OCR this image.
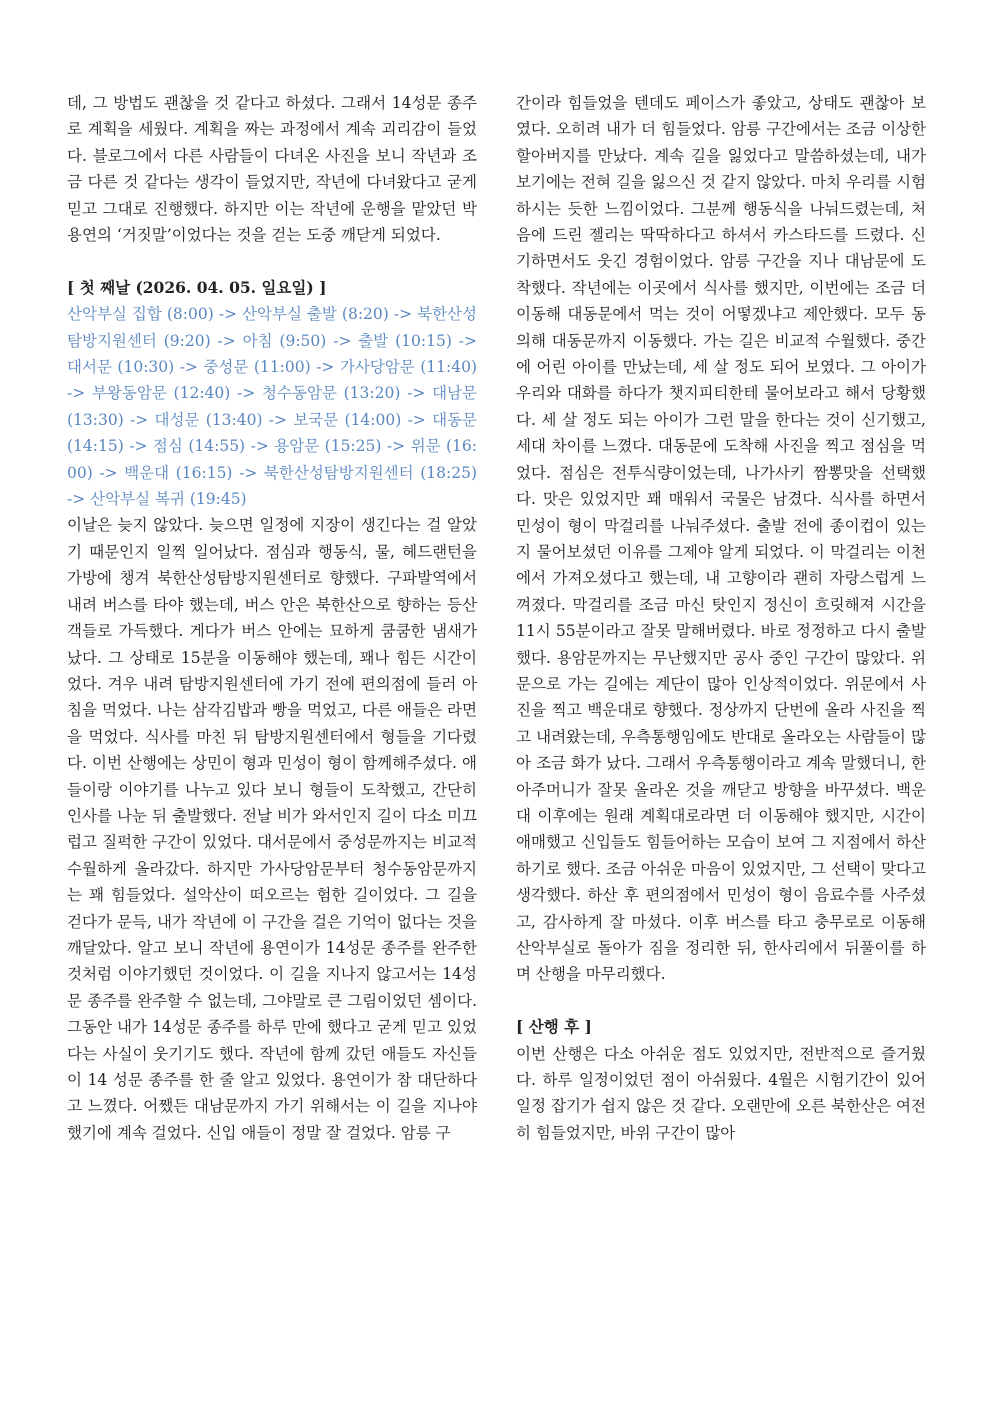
데, 그 방법도 괜찮을 것 같다고 하셨다. 그래서 14성문 종주로 계획을 세웠다. 계획을 짜는 과정에서 계속 괴리감이 들었다. 블로그에서 다른 사람들이 다녀온 사진을 보니 작년과 조금 다른 것 같다는 생각이 들었지만, 작년에 다녀왔다고 굳게 믿고 그대로 진행했다. 하지만 이는 작년에 운행을 맡았던 박용연의 ‘거짓말’이었다는 것을 걷는 도중 깨닫게 되었다.

[ 첫 째날 (2026. 04. 05. 일요일) ]

산악부실 집합 (8:00) -> 산악부실 출발 (8:20) -> 북한산성탐방지원센터 (9:20) -> 아침 (9:50) -> 출발 (10:15) -> 대서문 (10:30) -> 중성문 (11:00) -> 가사당암문 (11:40) -> 부왕동암문 (12:40) -> 청수동암문 (13:20) -> 대남문 (13:30) -> 대성문 (13:40) -> 보국문 (14:00) -> 대동문 (14:15) -> 점심 (14:55) -> 용암문 (15:25) -> 위문 (16:00) -> 백운대 (16:15) -> 북한산성탐방지원센터 (18:25) -> 산악부실 복귀 (19:45)

이날은 늦지 않았다. 늦으면 일정에 지장이 생긴다는 걸 알았기 때문인지 일찍 일어났다. 점심과 행동식, 물, 헤드랜턴을 가방에 챙겨 북한산성탐방지원센터로 향했다. 구파발역에서 내려 버스를 타야 했는데, 버스 안은 북한산으로 향하는 등산객들로 가득했다. 게다가 버스 안에는 묘하게 쿰쿰한 냄새가 났다. 그 상태로 15분을 이동해야 했는데, 꽤나 힘든 시간이었다. 겨우 내려 탐방지원센터에 가기 전에 편의점에 들러 아침을 먹었다. 나는 삼각김밥과 빵을 먹었고, 다른 애들은 라면을 먹었다. 식사를 마친 뒤 탐방지원센터에서 형들을 기다렸다. 이번 산행에는 상민이 형과 민성이 형이 함께해주셨다. 애들이랑 이야기를 나누고 있다 보니 형들이 도착했고, 간단히 인사를 나눈 뒤 출발했다. 전날 비가 와서인지 길이 다소 미끄럽고 질퍽한 구간이 있었다. 대서문에서 중성문까지는 비교적 수월하게 올라갔다. 하지만 가사당암문부터 청수동암문까지는 꽤 힘들었다. 설악산이 떠오르는 험한 길이었다. 그 길을 걷다가 문득, 내가 작년에 이 구간을 걸은 기억이 없다는 것을 깨달았다. 알고 보니 작년에 용연이가 14성문 종주를 완주한 것처럼 이야기했던 것이었다. 이 길을 지나지 않고서는 14성문 종주를 완주할 수 없는데, 그야말로 큰 그림이었던 셈이다. 그동안 내가 14성문 종주를 하루 만에 했다고 굳게 믿고 있었다는 사실이 웃기기도 했다. 작년에 함께 갔던 애들도 자신들이 14 성문 종주를 한 줄 알고 있었다. 용연이가 참 대단하다고 느꼈다. 어쨌든 대남문까지 가기 위해서는 이 길을 지나야 했기에 계속 걸었다. 신입 애들이 정말 잘 걸었다. 암릉 구

간이라 힘들었을 텐데도 페이스가 좋았고, 상태도 괜찮아 보였다. 오히려 내가 더 힘들었다. 암릉 구간에서는 조금 이상한 할아버지를 만났다. 계속 길을 잃었다고 말씀하셨는데, 내가 보기에는 전혀 길을 잃으신 것 같지 않았다. 마치 우리를 시험하시는 듯한 느낌이었다. 그분께 행동식을 나눠드렸는데, 처음에 드린 젤리는 딱딱하다고 하셔서 카스타드를 드렸다. 신기하면서도 웃긴 경험이었다. 암릉 구간을 지나 대남문에 도착했다. 작년에는 이곳에서 식사를 했지만, 이번에는 조금 더 이동해 대동문에서 먹는 것이 어떻겠냐고 제안했다. 모두 동의해 대동문까지 이동했다. 가는 길은 비교적 수월했다. 중간에 어린 아이를 만났는데, 세 살 정도 되어 보였다. 그 아이가 우리와 대화를 하다가 챗지피티한테 물어보라고 해서 당황했다. 세 살 정도 되는 아이가 그런 말을 한다는 것이 신기했고, 세대 차이를 느꼈다. 대동문에 도착해 사진을 찍고 점심을 먹었다. 점심은 전투식량이었는데, 나가사키 짬뽕맛을 선택했다. 맛은 있었지만 꽤 매워서 국물은 남겼다. 식사를 하면서 민성이 형이 막걸리를 나눠주셨다. 출발 전에 종이컵이 있는지 물어보셨던 이유를 그제야 알게 되었다. 이 막걸리는 이천에서 가져오셨다고 했는데, 내 고향이라 괜히 자랑스럽게 느껴졌다. 막걸리를 조금 마신 탓인지 정신이 흐릿해져 시간을 11시 55분이라고 잘못 말해버렸다. 바로 정정하고 다시 출발했다. 용암문까지는 무난했지만 공사 중인 구간이 많았다. 위문으로 가는 길에는 계단이 많아 인상적이었다. 위문에서 사진을 찍고 백운대로 향했다. 정상까지 단번에 올라 사진을 찍고 내려왔는데, 우측통행임에도 반대로 올라오는 사람들이 많아 조금 화가 났다. 그래서 우측통행이라고 계속 말했더니, 한 아주머니가 잘못 올라온 것을 깨닫고 방향을 바꾸셨다. 백운대 이후에는 원래 계획대로라면 더 이동해야 했지만, 시간이 애매했고 신입들도 힘들어하는 모습이 보여 그 지점에서 하산하기로 했다. 조금 아쉬운 마음이 있었지만, 그 선택이 맞다고 생각했다. 하산 후 편의점에서 민성이 형이 음료수를 사주셨고, 감사하게 잘 마셨다. 이후 버스를 타고 충무로로 이동해 산악부실로 돌아가 짐을 정리한 뒤, 한사리에서 뒤풀이를 하며 산행을 마무리했다.

[ 산행 후 ]

이번 산행은 다소 아쉬운 점도 있었지만, 전반적으로 즐거웠다. 하루 일정이었던 점이 아쉬웠다. 4월은 시험기간이 있어 일정 잡기가 쉽지 않은 것 같다. 오랜만에 오른 북한산은 여전히 힘들었지만, 바위 구간이 많아
